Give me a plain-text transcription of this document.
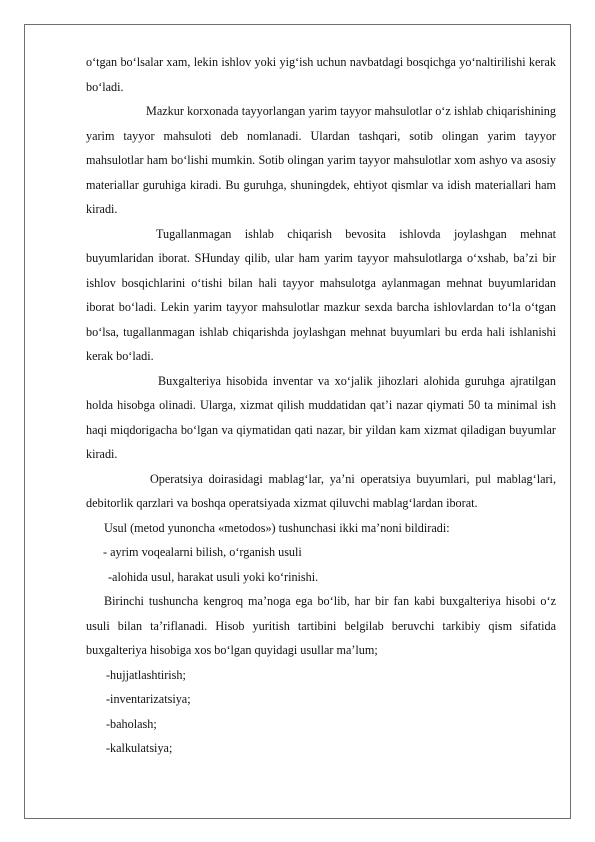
o‘tgan bo‘lsalar xam, lekin ishlov yoki yig‘ish uchun navbatdagi bosqichga yo‘naltirilishi kerak bo‘ladi.

Mazkur korxonada tayyorlangan yarim tayyor mahsulotlar o‘z ishlab chiqarishining yarim tayyor mahsuloti deb nomlanadi. Ulardan tashqari, sotib olingan yarim tayyor mahsulotlar ham bo‘lishi mumkin. Sotib olingan yarim tayyor mahsulotlar xom ashyo va asosiy materiallar guruhiga kiradi. Bu guruhga, shuningdek, ehtiyot qismlar va idish materiallari ham kiradi.

Tugallanmagan ishlab chiqarish bevosita ishlovda joylashgan mehnat buyumlaridan iborat. SHunday qilib, ular ham yarim tayyor mahsulotlarga o‘xshab, ba’zi bir ishlov bosqichlarini o‘tishi bilan hali tayyor mahsulotga aylanmagan mehnat buyumlaridan iborat bo‘ladi. Lekin yarim tayyor mahsulotlar mazkur sexda barcha ishlovlardan to‘la o‘tgan bo‘lsa, tugallanmagan ishlab chiqarishda joylashgan mehnat buyumlari bu erda hali ishlanishi kerak bo‘ladi.

Buxgalteriya hisobida inventar va xo‘jalik jihozlari alohida guruhga ajratilgan holda hisobga olinadi. Ularga, xizmat qilish muddatidan qat’i nazar qiymati 50 ta minimal ish haqi miqdorigacha bo‘lgan va qiymatidan qati nazar, bir yildan kam xizmat qiladigan buyumlar kiradi.

Operatsiya doirasidagi mablag‘lar, ya’ni operatsiya buyumlari, pul mablag‘lari, debitorlik qarzlari va boshqa operatsiyada xizmat qiluvchi mablag‘lardan iborat.

Usul (metod yunoncha «metodos») tushunchasi ikki ma’noni bildiradi:

- ayrim voqealarni bilish, o‘rganish usuli

-alohida usul, harakat usuli yoki ko‘rinishi.

Birinchi tushuncha kengroq ma’noga ega bo‘lib, har bir fan kabi buxgalteriya hisobi o‘z usuli bilan ta’riflanadi. Hisob yuritish tartibini belgilab beruvchi tarkibiy qism sifatida buxgalteriya hisobiga xos bo‘lgan quyidagi usullar ma’lum;

-hujjatlashtirish;

-inventarizatsiya;

-baholash;

-kalkulatsiya;
